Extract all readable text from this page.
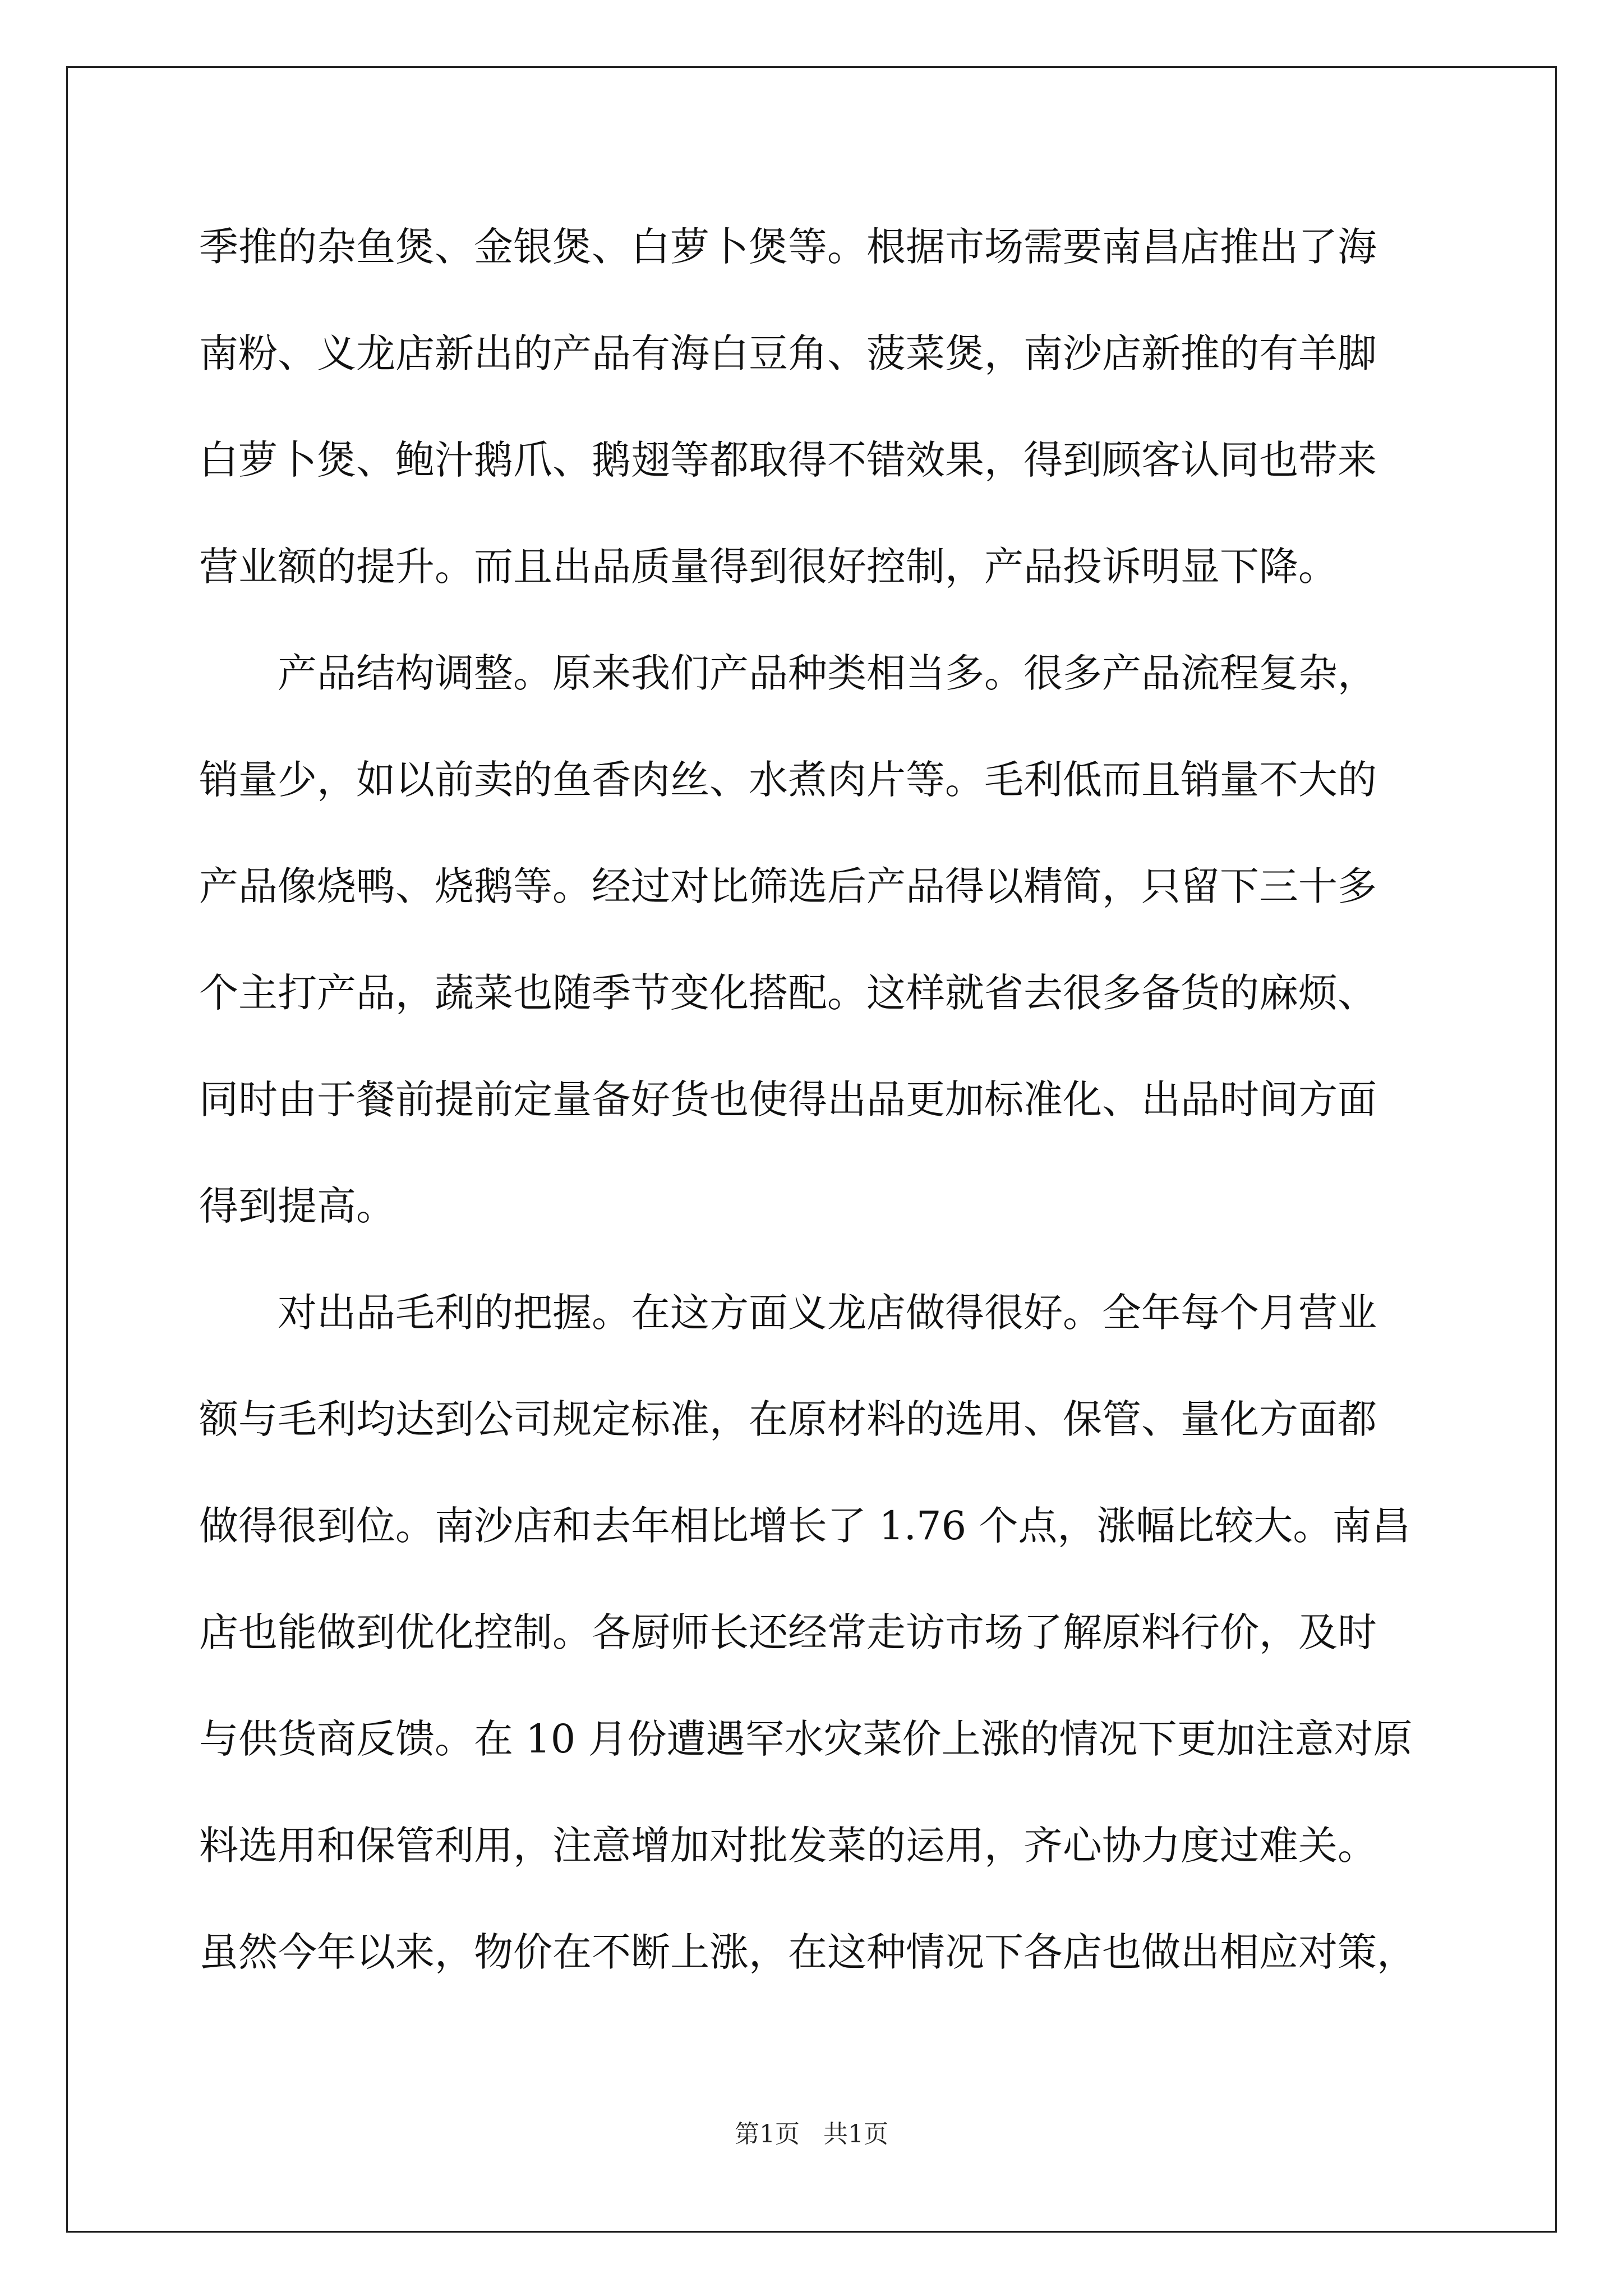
季推的杂鱼煲、金银煲、白萝卜煲等。根据市场需要南昌店推出了海
南粉、义龙店新出的产品有海白豆角、菠菜煲，南沙店新推的有羊脚
白萝卜煲、鲍汁鹅爪、鹅翅等都取得不错效果，得到顾客认同也带来
营业额的提升。而且出品质量得到很好控制，产品投诉明显下降。
产品结构调整。原来我们产品种类相当多。很多产品流程复杂，
销量少，如以前卖的鱼香肉丝、水煮肉片等。毛利低而且销量不大的
产品像烧鸭、烧鹅等。经过对比筛选后产品得以精简，只留下三十多
个主打产品，蔬菜也随季节变化搭配。这样就省去很多备货的麻烦、
同时由于餐前提前定量备好货也使得出品更加标准化、出品时间方面
得到提高。
对出品毛利的把握。在这方面义龙店做得很好。全年每个月营业
额与毛利均达到公司规定标准，在原材料的选用、保管、量化方面都
做得很到位。南沙店和去年相比增长了 1.76 个点，涨幅比较大。南昌
店也能做到优化控制。各厨师长还经常走访市场了解原料行价，及时
与供货商反馈。在 10 月份遭遇罕水灾菜价上涨的情况下更加注意对原
料选用和保管利用，注意增加对批发菜的运用，齐心协力度过难关。
虽然今年以来，物价在不断上涨，在这种情况下各店也做出相应对策，
第1页   共1页
